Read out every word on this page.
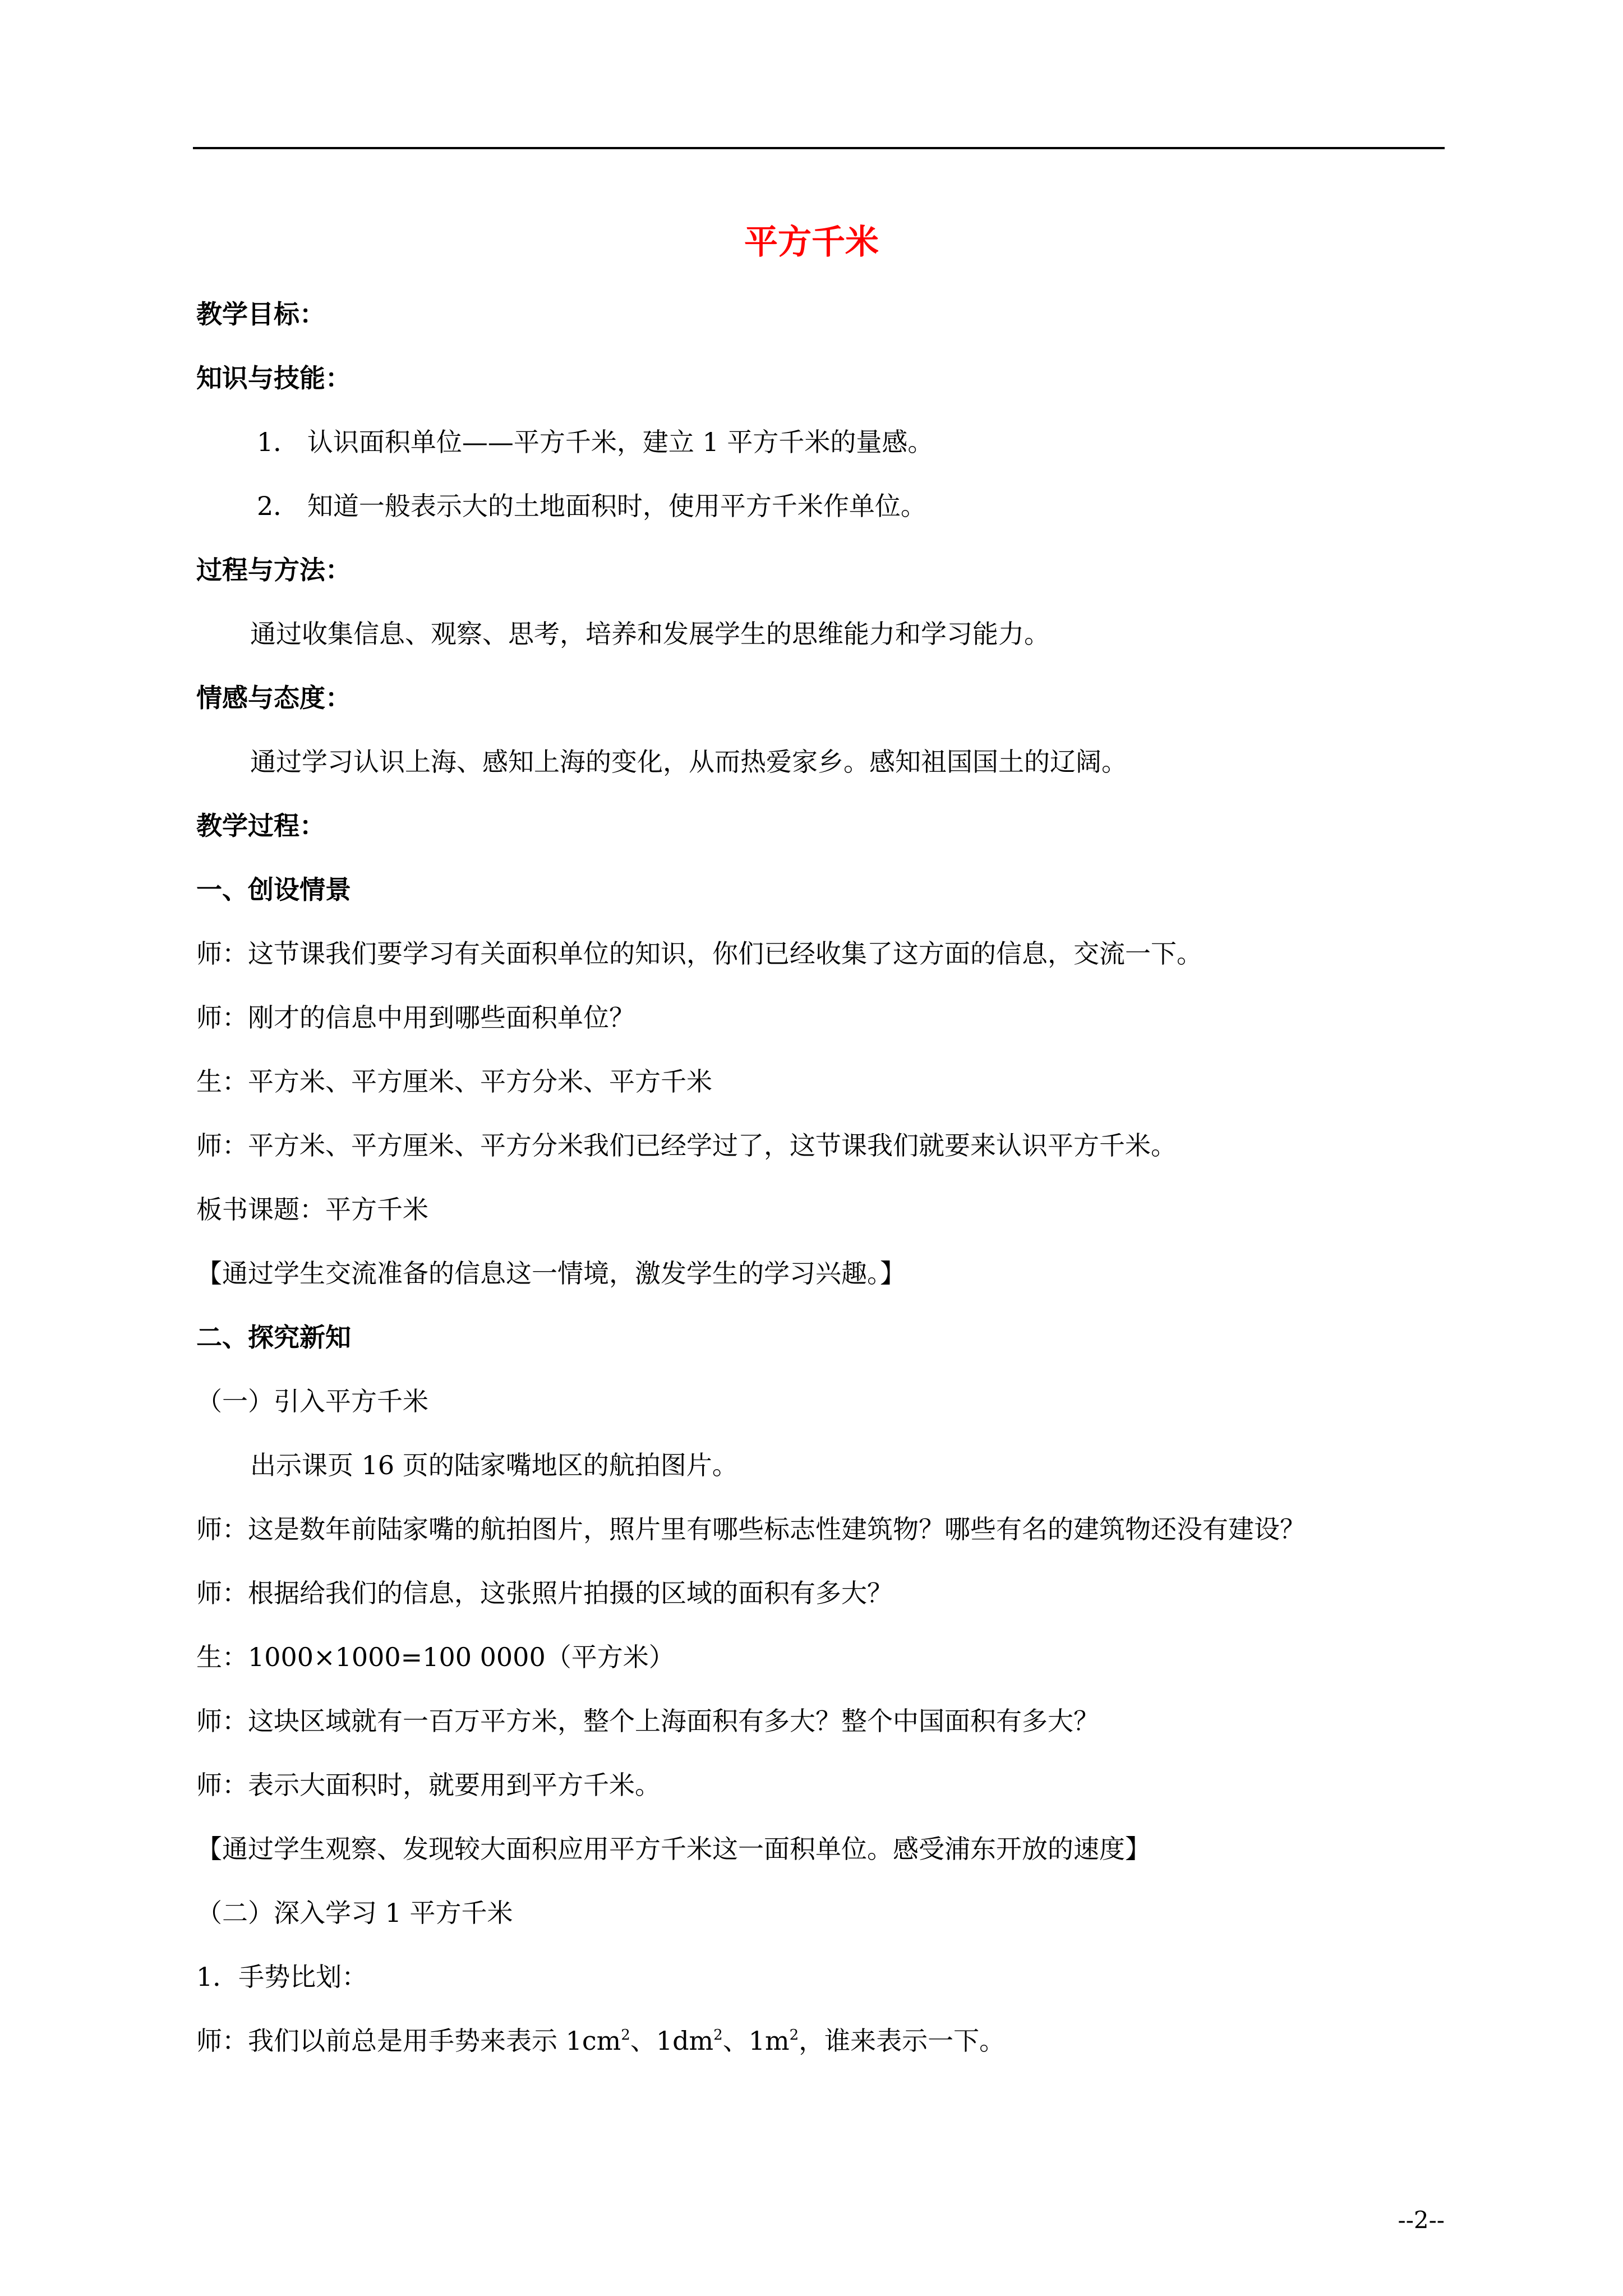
平方千米
教学目标：
知识与技能：
1． 认识面积单位——平方千米，建立 1 平方千米的量感。
2． 知道一般表示大的土地面积时，使用平方千米作单位。
过程与方法：
通过收集信息、观察、思考，培养和发展学生的思维能力和学习能力。
情感与态度：
通过学习认识上海、感知上海的变化，从而热爱家乡。感知祖国国土的辽阔。
教学过程：
一、创设情景
师：这节课我们要学习有关面积单位的知识，你们已经收集了这方面的信息，交流一下。
师：刚才的信息中用到哪些面积单位？
生：平方米、平方厘米、平方分米、平方千米
师：平方米、平方厘米、平方分米我们已经学过了，这节课我们就要来认识平方千米。
板书课题：平方千米
【通过学生交流准备的信息这一情境，激发学生的学习兴趣。】
二、探究新知
（一）引入平方千米
出示课页 16 页的陆家嘴地区的航拍图片。
师：这是数年前陆家嘴的航拍图片，照片里有哪些标志性建筑物？哪些有名的建筑物还没有建设？
师：根据给我们的信息，这张照片拍摄的区域的面积有多大？
生：1000×1000=100 0000（平方米）
师：这块区域就有一百万平方米，整个上海面积有多大？整个中国面积有多大？
师：表示大面积时，就要用到平方千米。
【通过学生观察、发现较大面积应用平方千米这一面积单位。感受浦东开放的速度】
（二）深入学习 1 平方千米
1．手势比划：
师：我们以前总是用手势来表示 $1cm^2$、$1dm^2$、$1m^2$，谁来表示一下。
--2--
